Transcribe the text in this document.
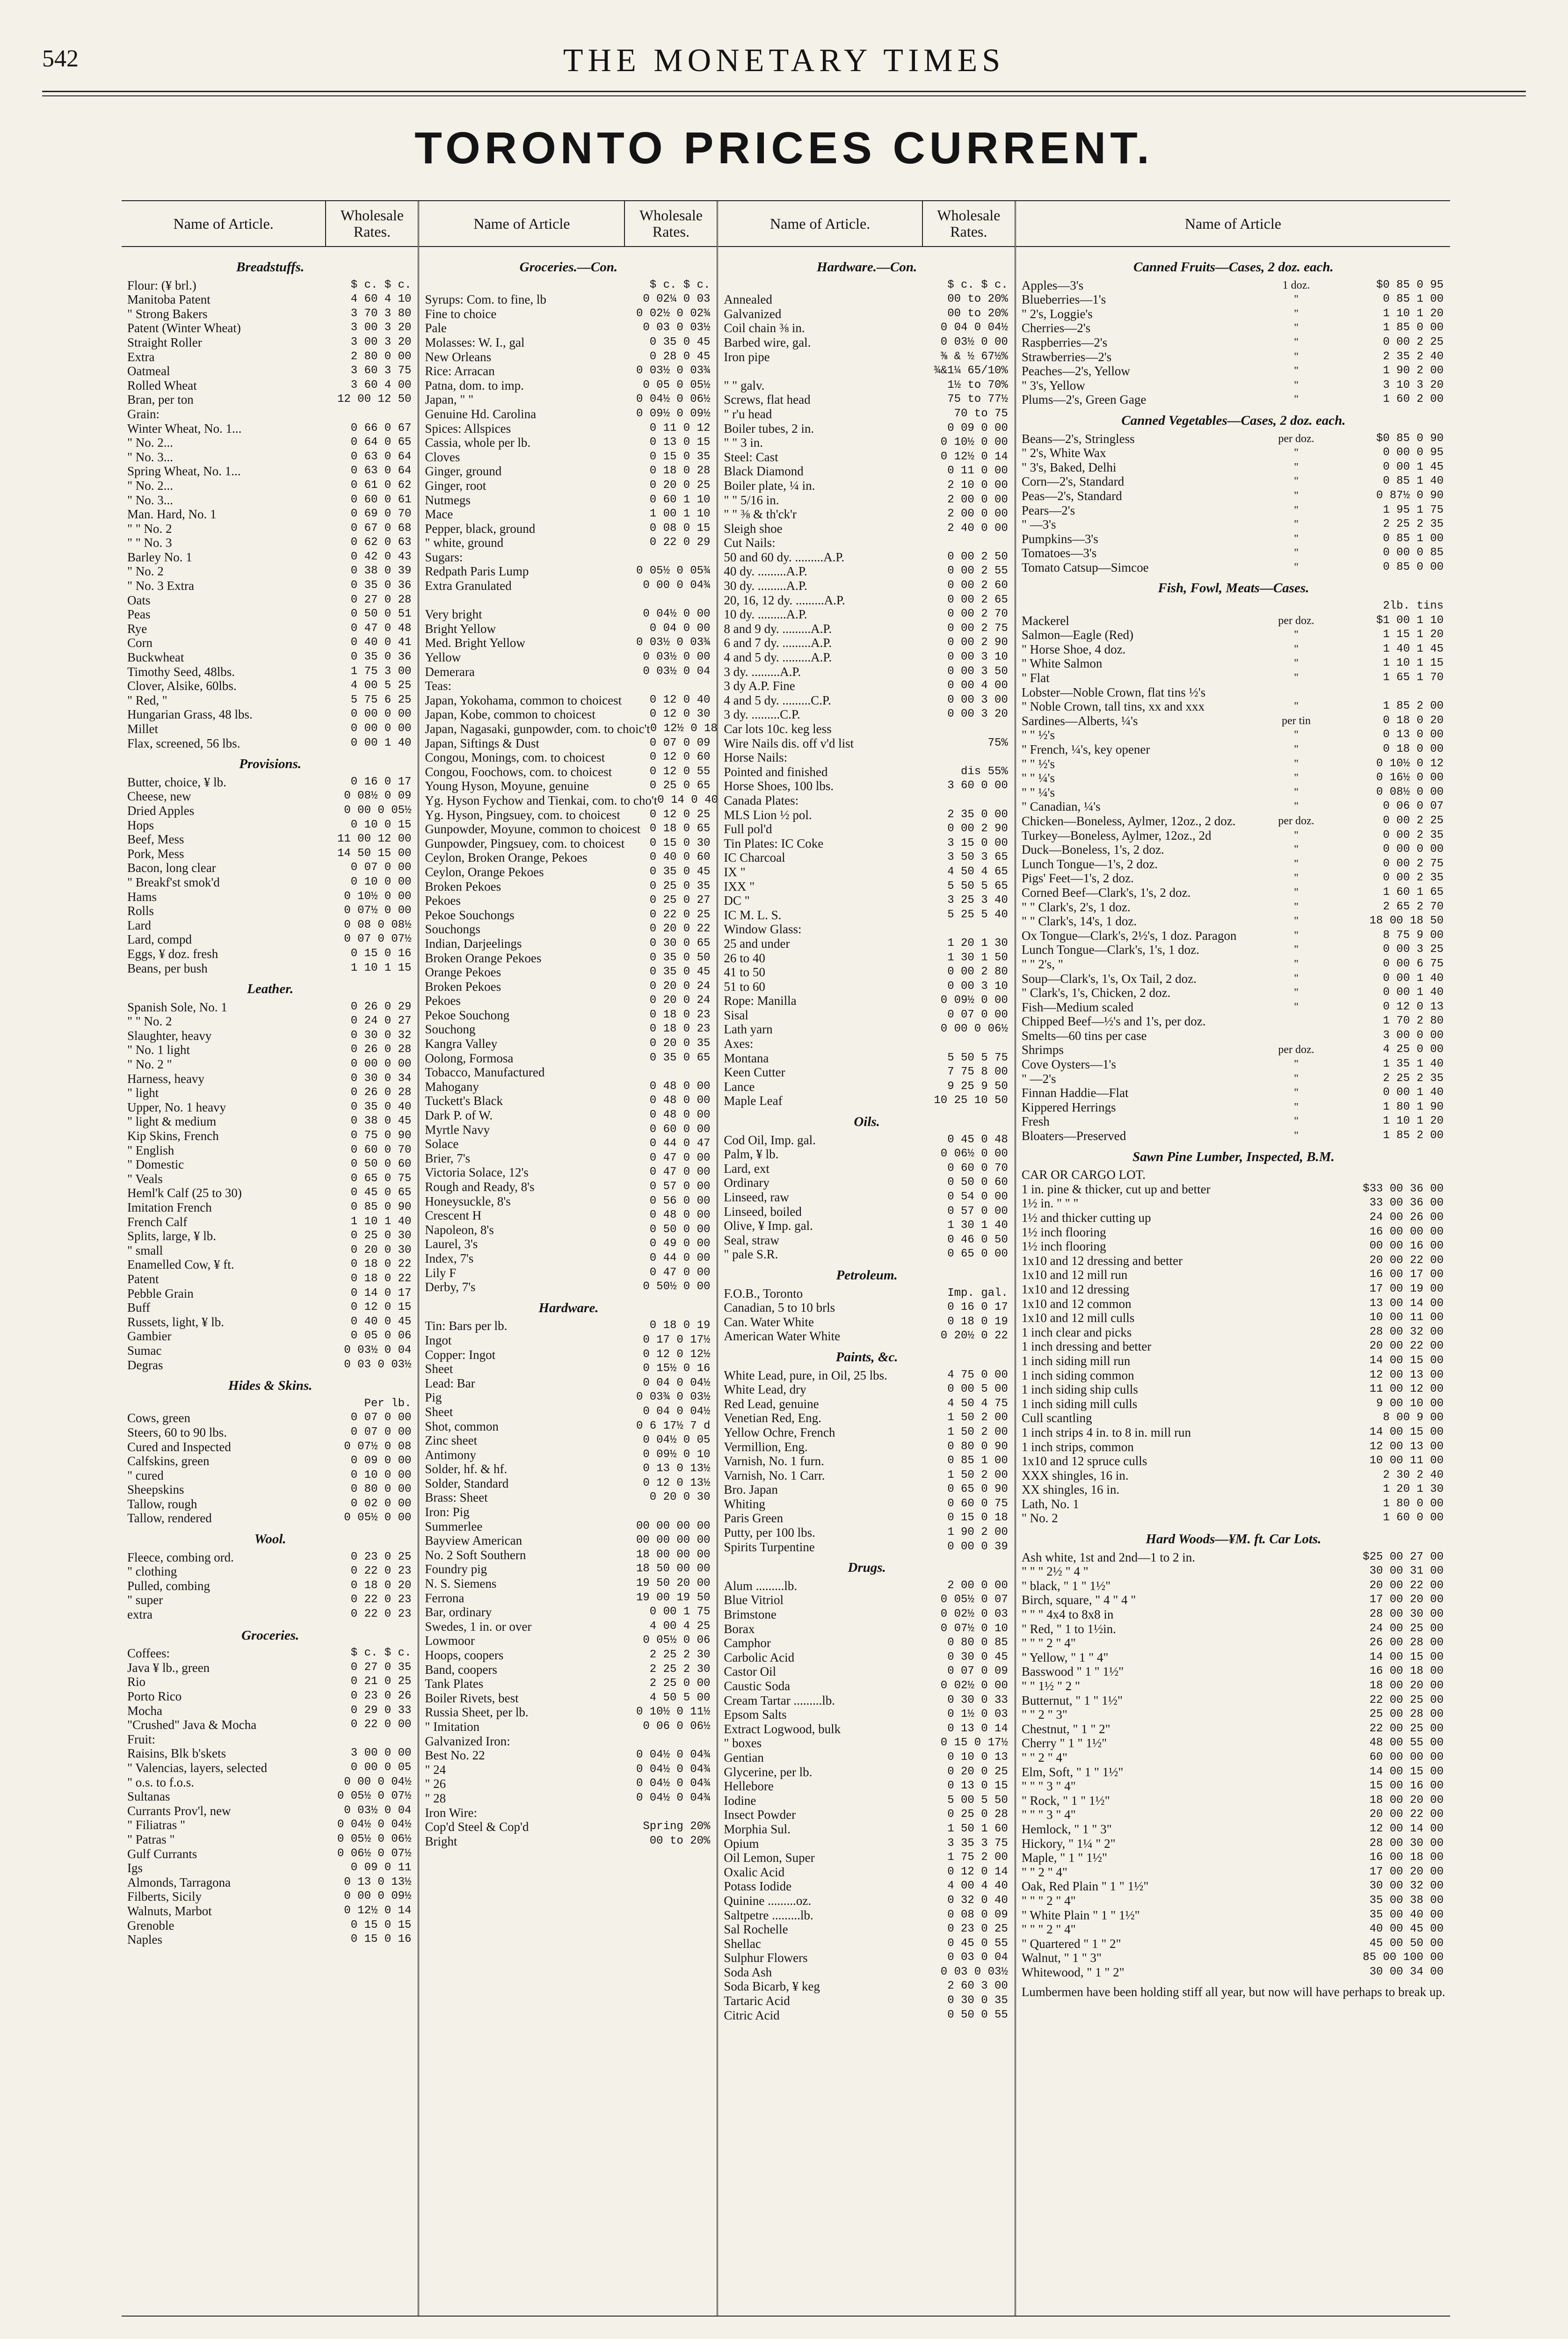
542	THE MONETARY TIMES
TORONTO PRICES CURRENT.
Name of Article.	Wholesale Rates.
Breadstuffs.
Flour: (¥ brl.)	$ c. $ c.
Manitoba Patent	4 60 4 10
" Strong Bakers	3 70 3 80
Patent (Winter Wheat)	3 00 3 20
Straight Roller	3 00 3 20
Extra	2 80 0 00
Oatmeal	3 60 3 75
Rolled Wheat	3 60 4 00
Bran, per ton	12 00 12 50
Grain:
Winter Wheat, No. 1...	0 66 0 67
" No. 2...	0 64 0 65
" No. 3...	0 63 0 64
Spring Wheat, No. 1...	0 63 0 64
" No. 2...	0 61 0 62
" No. 3...	0 60 0 61
Man. Hard, No. 1	0 69 0 70
" " No. 2	0 67 0 68
" " No. 3	0 62 0 63
Barley No. 1	0 42 0 43
" No. 2	0 38 0 39
" No. 3 Extra	0 35 0 36
Oats	0 27 0 28
Peas	0 50 0 51
Rye	0 47 0 48
Corn	0 40 0 41
Buckwheat	0 35 0 36
Timothy Seed, 48lbs.	1 75 3 00
Clover, Alsike, 60lbs.	4 00 5 25
" Red, "	5 75 6 25
Hungarian Grass, 48 lbs.	0 00 0 00
Millet	0 00 0 00
Flax, screened, 56 lbs.	0 00 1 40
Provisions.
Butter, choice, ¥ lb.	0 16 0 17
Cheese, new	0 08½ 0 09
Dried Apples	0 00 0 05½
Hops	0 10 0 15
Beef, Mess	11 00 12 00
Pork, Mess	14 50 15 00
Bacon, long clear	0 07 0 00
" Breakf'st smok'd	0 10 0 00
Hams	0 10½ 0 00
Rolls	0 07½ 0 00
Lard	0 08 0 08½
Lard, compd	0 07 0 07½
Eggs, ¥ doz. fresh	0 15 0 16
Beans, per bush	1 10 1 15
Leather.
Spanish Sole, No. 1	0 26 0 29
" " No. 2	0 24 0 27
Slaughter, heavy	0 30 0 32
" No. 1 light	0 26 0 28
" No. 2 "	0 00 0 00
Harness, heavy	0 30 0 34
" light	0 26 0 28
Upper, No. 1 heavy	0 35 0 40
" light & medium	0 38 0 45
Kip Skins, French	0 75 0 90
" English	0 60 0 70
" Domestic	0 50 0 60
" Veals	0 65 0 75
Heml'k Calf (25 to 30)	0 45 0 65
Imitation French	0 85 0 90
French Calf	1 10 1 40
Splits, large, ¥ lb.	0 25 0 30
" small	0 20 0 30
Enamelled Cow, ¥ ft.	0 18 0 22
Patent	0 18 0 22
Pebble Grain	0 14 0 17
Buff	0 12 0 15
Russets, light, ¥ lb.	0 40 0 45
Gambier	0 05 0 06
Sumac	0 03½ 0 04
Degras	0 03 0 03½
Hides & Skins.
Per lb.
Cows, green	0 07 0 00
Steers, 60 to 90 lbs.	0 07 0 00
Cured and Inspected	0 07½ 0 08
Calfskins, green	0 09 0 00
" cured	0 10 0 00
Sheepskins	0 80 0 00
Tallow, rough	0 02 0 00
Tallow, rendered	0 05½ 0 00
Wool.
Fleece, combing ord.	0 23 0 25
" clothing	0 22 0 23
Pulled, combing	0 18 0 20
" super	0 22 0 23
extra	0 22 0 23
Groceries.
Coffees:	$ c. $ c.
Java ¥ lb., green	0 27 0 35
Rio	0 21 0 25
Porto Rico	0 23 0 26
Mocha	0 29 0 33
"Crushed" Java & Mocha	0 22 0 00
Fruit:
Raisins, Blk b'skets	3 00 0 00
" Valencias, layers, selected	0 00 0 05
" o.s. to f.o.s.	0 00 0 04½
Sultanas	0 05½ 0 07½
Currants Prov'l, new	0 03½ 0 04
" Filiatras "	0 04½ 0 04½
" Patras "	0 05½ 0 06½
Gulf Currants	0 06½ 0 07½
Igs	0 09 0 11
Almonds, Tarragona	0 13 0 13½
Filberts, Sicily	0 00 0 09½
Walnuts, Marbot	0 12½ 0 14
Grenoble	0 15 0 15
Naples	0 15 0 16
Name of Article	Wholesale Rates.
Groceries.—Con.
$ c. $ c.
Syrups: Com. to fine, lb	0 02¼ 0 03
Fine to choice	0 02½ 0 02¾
Pale	0 03 0 03½
Molasses: W. I., gal	0 35 0 45
New Orleans	0 28 0 45
Rice: Arracan	0 03½ 0 03¾
Patna, dom. to imp.	0 05 0 05½
Japan, " "	0 04½ 0 06½
Genuine Hd. Carolina	0 09½ 0 09½
Spices: Allspices	0 11 0 12
Cassia, whole per lb.	0 13 0 15
Cloves	0 15 0 35
Ginger, ground	0 18 0 28
Ginger, root	0 20 0 25
Nutmegs	0 60 1 10
Mace	1 00 1 10
Pepper, black, ground	0 08 0 15
" white, ground	0 22 0 29
Sugars:
Redpath Paris Lump	0 05½ 0 05¾
Extra Granulated	0 00 0 04¾
Very bright	0 04½ 0 00
Bright Yellow	0 04 0 00
Med. Bright Yellow	0 03½ 0 03¾
Yellow	0 03½ 0 00
Demerara	0 03½ 0 04
Teas:
Japan, Yokohama, common to choicest	0 12 0 40
Japan, Kobe, common to choicest	0 12 0 30
Japan, Nagasaki, gunpowder, com. to choic't 0 12½ 0 18
Japan, Siftings & Dust	0 07 0 09
Congou, Monings, com. to choicest	0 12 0 60
Congou, Foochows, com. to choicest	0 12 0 55
Young Hyson, Moyune, genuine	0 25 0 65
Yg. Hyson Fychow and Tienkai, com. to cho't 0 14 0 40
Yg. Hyson, Pingsuey, com. to choicest	0 12 0 25
Gunpowder, Moyune, common to choicest 0 18 0 65
Gunpowder, Pingsuey, com. to choicest	0 15 0 30
Ceylon, Broken Orange, Pekoes	0 40 0 60
Ceylon, Orange Pekoes	0 35 0 45
Broken Pekoes	0 25 0 35
Pekoes	0 25 0 27
Pekoe Souchongs	0 22 0 25
Souchongs	0 20 0 22
Indian, Darjeelings	0 30 0 65
Broken Orange Pekoes	0 35 0 50
Orange Pekoes	0 35 0 45
Broken Pekoes	0 20 0 24
Pekoes	0 20 0 24
Pekoe Souchong	0 18 0 23
Souchong	0 18 0 23
Kangra Valley	0 20 0 35
Oolong, Formosa	0 35 0 65
Tobacco, Manufactured
Mahogany	0 48 0 00
Tuckett's Black	0 48 0 00
Dark P. of W.	0 48 0 00
Myrtle Navy	0 60 0 00
Solace	0 44 0 47
Brier, 7's	0 47 0 00
Victoria Solace, 12's	0 47 0 00
Rough and Ready, 8's	0 57 0 00
Honeysuckle, 8's	0 56 0 00
Crescent H	0 48 0 00
Napoleon, 8's	0 50 0 00
Laurel, 3's	0 49 0 00
Index, 7's	0 44 0 00
Lily F	0 47 0 00
Derby, 7's	0 50½ 0 00
Hardware.
Tin: Bars per lb.	0 18 0 19
Ingot	0 17 0 17½
Copper: Ingot	0 12 0 12½
Sheet	0 15½ 0 16
Lead: Bar	0 04 0 04½
Pig	0 03¾ 0 03½
Sheet	0 04 0 04½
Shot, common	0 6 17½ 7 d
Zinc sheet	0 04½ 0 05
Antimony	0 09½ 0 10
Solder, hf. & hf.	0 13 0 13½
Solder, Standard	0 12 0 13½
Brass: Sheet	0 20 0 30
Iron: Pig
Summerlee	00 00 00 00
Bayview American	00 00 00 00
No. 2 Soft Southern	18 00 00 00
Foundry pig	18 50 00 00
N. S. Siemens	19 50 20 00
Ferrona	19 00 19 50
Bar, ordinary	0 00 1 75
Swedes, 1 in. or over	4 00 4 25
Lowmoor	0 05½ 0 06
Hoops, coopers	2 25 2 30
Band, coopers	2 25 2 30
Tank Plates	2 25 0 00
Boiler Rivets, best	4 50 5 00
Russia Sheet, per lb.	0 10½ 0 11½
" Imitation	0 06 0 06½
Galvanized Iron:
Best No. 22	0 04½ 0 04¾
" 24	0 04½ 0 04¾
" 26	0 04½ 0 04¾
" 28	0 04½ 0 04¾
Iron Wire:
Cop'd Steel & Cop'd	Spring 20%
Bright	00 to 20%
Name of Article.	Wholesale Rates.
Hardware.—Con.
$ c. $ c.
Annealed	00 to 20%
Galvanized	00 to 20%
Coil chain ⅜ in.	0 04 0 04½
Barbed wire, gal.	0 03½ 0 00
Iron pipe	⅜ & ½ 67½%
¾&1¼ 65/10%
" " galv.	1½ to 70%
Screws, flat head	75 to 77½
" r'u head	70 to 75
Boiler tubes, 2 in.	0 09 0 00
" " 3 in.	0 10½ 0 00
Steel: Cast	0 12½ 0 14
Black Diamond	0 11 0 00
Boiler plate, ¼ in.	2 10 0 00
" " 5/16 in.	2 00 0 00
" " ⅜ & th'ck'r	2 00 0 00
Sleigh shoe	2 40 0 00
Cut Nails:
50 and 60 dy. .........A.P.	0 00 2 50
40 dy. .........A.P.	0 00 2 55
30 dy. .........A.P.	0 00 2 60
20, 16, 12 dy. .........A.P.	0 00 2 65
10 dy. .........A.P.	0 00 2 70
8 and 9 dy. .........A.P.	0 00 2 75
6 and 7 dy. .........A.P.	0 00 2 90
4 and 5 dy. .........A.P.	0 00 3 10
3 dy. .........A.P.	0 00 3 50
3 dy A.P. Fine	0 00 4 00
4 and 5 dy. .........C.P.	0 00 3 00
3 dy. .........C.P.	0 00 3 20
Car lots 10c. keg less
Wire Nails dis. off v'd list	75%
Horse Nails:
Pointed and finished	dis 55%
Horse Shoes, 100 lbs.	3 60 0 00
Canada Plates:
MLS Lion ½ pol.	2 35 0 00
Full pol'd	0 00 2 90
Tin Plates: IC Coke	3 15 0 00
IC Charcoal	3 50 3 65
IX "	4 50 4 65
IXX "	5 50 5 65
DC "	3 25 3 40
IC M. L. S.	5 25 5 40
Window Glass:
25 and under	1 20 1 30
26 to 40	1 30 1 50
41 to 50	0 00 2 80
51 to 60	0 00 3 10
Rope: Manilla	0 09½ 0 00
Sisal	0 07 0 00
Lath yarn	0 00 0 06½
Axes:
Montana	5 50 5 75
Keen Cutter	7 75 8 00
Lance	9 25 9 50
Maple Leaf	10 25 10 50
Oils.
Cod Oil, Imp. gal.	0 45 0 48
Palm, ¥ lb.	0 06½ 0 00
Lard, ext	0 60 0 70
Ordinary	0 50 0 60
Linseed, raw	0 54 0 00
Linseed, boiled	0 57 0 00
Olive, ¥ Imp. gal.	1 30 1 40
Seal, straw	0 46 0 50
" pale S.R.	0 65 0 00
Petroleum.
F.O.B., Toronto	Imp. gal.
Canadian, 5 to 10 brls	0 16 0 17
Can. Water White	0 18 0 19
American Water White	0 20½ 0 22
Paints, &c.
White Lead, pure, in Oil, 25 lbs.	4 75 0 00
White Lead, dry	0 00 5 00
Red Lead, genuine	4 50 4 75
Venetian Red, Eng.	1 50 2 00
Yellow Ochre, French	1 50 2 00
Vermillion, Eng.	0 80 0 90
Varnish, No. 1 furn.	0 85 1 00
Varnish, No. 1 Carr.	1 50 2 00
Bro. Japan	0 65 0 90
Whiting	0 60 0 75
Paris Green	0 15 0 18
Putty, per 100 lbs.	1 90 2 00
Spirits Turpentine	0 00 0 39
Drugs.
Alum .........lb.	2 00 0 00
Blue Vitriol	0 05½ 0 07
Brimstone	0 02½ 0 03
Borax	0 07½ 0 10
Camphor	0 80 0 85
Carbolic Acid	0 30 0 45
Castor Oil	0 07 0 09
Caustic Soda	0 02½ 0 00
Cream Tartar .........lb.	0 30 0 33
Epsom Salts	0 1½ 0 03
Extract Logwood, bulk	0 13 0 14
" boxes	0 15 0 17½
Gentian	0 10 0 13
Glycerine, per lb.	0 20 0 25
Hellebore	0 13 0 15
Iodine	5 00 5 50
Insect Powder	0 25 0 28
Morphia Sul.	1 50 1 60
Opium	3 35 3 75
Oil Lemon, Super	1 75 2 00
Oxalic Acid	0 12 0 14
Potass Iodide	4 00 4 40
Quinine .........oz.	0 32 0 40
Saltpetre .........lb.	0 08 0 09
Sal Rochelle	0 23 0 25
Shellac	0 45 0 55
Sulphur Flowers	0 03 0 04
Soda Ash	0 03 0 03½
Soda Bicarb, ¥ keg	2 60 3 00
Tartaric Acid	0 30 0 35
Citric Acid	0 50 0 55
Name of Article
Canned Fruits—Cases, 2 doz. each.
Apples—3's	1 doz.	$0 85 0 95
Blueberries—1's	"	0 85 1 00
" 2's, Loggie's	"	1 10 1 20
Cherries—2's	"	1 85 0 00
Raspberries—2's	"	0 00 2 25
Strawberries—2's	"	2 35 2 40
Peaches—2's, Yellow	"	1 90 2 00
" 3's, Yellow	"	3 10 3 20
Plums—2's, Green Gage	"	1 60 2 00
Canned Vegetables—Cases, 2 doz. each.
Beans—2's, Stringless	per doz.	$0 85 0 90
" 2's, White Wax	"	0 00 0 95
" 3's, Baked, Delhi	"	0 00 1 45
Corn—2's, Standard	"	0 85 1 40
Peas—2's, Standard	"	0 87½ 0 90
Pears—2's	"	1 95 1 75
" —3's	"	2 25 2 35
Pumpkins—3's	"	0 85 1 00
Tomatoes—3's	"	0 00 0 85
Tomato Catsup—Simcoe	"	0 85 0 00
Fish, Fowl, Meats—Cases.
2lb. tins
Mackerel	per doz.	$1 00 1 10
Salmon—Eagle (Red)	"	1 15 1 20
" Horse Shoe, 4 doz.	"	1 40 1 45
" White Salmon	"	1 10 1 15
" Flat	"	1 65 1 70
Lobster—Noble Crown, flat tins ½'s
" Noble Crown, tall tins, xx and xxx	"	1 85 2 00
Sardines—Alberts, ¼'s	per tin	0 18 0 20
" " ½'s	"	0 13 0 00
" French, ¼'s, key opener	"	0 18 0 00
" " ½'s	"	0 10½ 0 12
" " ¼'s	"	0 16½ 0 00
" " ¼'s	"	0 08½ 0 00
" Canadian, ¼'s	"	0 06 0 07
Chicken—Boneless, Aylmer, 12oz., 2 doz.	per doz.	0 00 2 25
Turkey—Boneless, Aylmer, 12oz., 2d	"	0 00 2 35
Duck—Boneless, 1's, 2 doz.	"	0 00 0 00
Lunch Tongue—1's, 2 doz.	"	0 00 2 75
Pigs' Feet—1's, 2 doz.	"	0 00 2 35
Corned Beef—Clark's, 1's, 2 doz.	"	1 60 1 65
" " Clark's, 2's, 1 doz.	"	2 65 2 70
" " Clark's, 14's, 1 doz.	"	18 00 18 50
Ox Tongue—Clark's, 2½'s, 1 doz. Paragon	"	8 75 9 00
Lunch Tongue—Clark's, 1's, 1 doz.	"	0 00 3 25
" " 2's, "	"	0 00 6 75
Soup—Clark's, 1's, Ox Tail, 2 doz.	"	0 00 1 40
" Clark's, 1's, Chicken, 2 doz.	"	0 00 1 40
Fish—Medium scaled	"	0 12 0 13
Chipped Beef—½'s and 1's, per doz.	1 70 2 80
Smelts—60 tins per case	3 00 0 00
Shrimps	per doz.	4 25 0 00
Cove Oysters—1's	"	1 35 1 40
" —2's	"	2 25 2 35
Finnan Haddie—Flat	"	0 00 1 40
Kippered Herrings	"	1 80 1 90
Fresh	"	1 10 1 20
Bloaters—Preserved	"	1 85 2 00
Sawn Pine Lumber, Inspected, B.M.
CAR OR CARGO LOT.
1 in. pine & thicker, cut up and better	$33 00 36 00
1½ in. " " "	33 00 36 00
1½ and thicker cutting up	24 00 26 00
1½ inch flooring	16 00 00 00
1½ inch flooring	00 00 16 00
1x10 and 12 dressing and better	20 00 22 00
1x10 and 12 mill run	16 00 17 00
1x10 and 12 dressing	17 00 19 00
1x10 and 12 common	13 00 14 00
1x10 and 12 mill culls	10 00 11 00
1 inch clear and picks	28 00 32 00
1 inch dressing and better	20 00 22 00
1 inch siding mill run	14 00 15 00
1 inch siding common	12 00 13 00
1 inch siding ship culls	11 00 12 00
1 inch siding mill culls	9 00 10 00
Cull scantling	8 00 9 00
1 inch strips 4 in. to 8 in. mill run	14 00 15 00
1 inch strips, common	12 00 13 00
1x10 and 12 spruce culls	10 00 11 00
XXX shingles, 16 in.	2 30 2 40
XX shingles, 16 in.	1 20 1 30
Lath, No. 1	1 80 0 00
" No. 2	1 60 0 00
Hard Woods—¥M. ft. Car Lots.
Ash white, 1st and 2nd—1 to 2 in.	$25 00 27 00
" " " 2½ " 4 "	30 00 31 00
" black, " 1 " 1½"	20 00 22 00
Birch, square, " 4 " 4 "	17 00 20 00
" " " 4x4 to 8x8 in	28 00 30 00
" Red, " 1 to 1½in.	24 00 25 00
" " " 2 " 4"	26 00 28 00
" Yellow, " 1 " 4"	14 00 15 00
Basswood " 1 " 1½"	16 00 18 00
" " 1½ " 2 "	18 00 20 00
Butternut, " 1 " 1½"	22 00 25 00
" " 2 " 3"	25 00 28 00
Chestnut, " 1 " 2"	22 00 25 00
Cherry " 1 " 1½"	48 00 55 00
" " 2 " 4"	60 00 00 00
Elm, Soft, " 1 " 1½"	14 00 15 00
" " " 3 " 4"	15 00 16 00
" Rock, " 1 " 1½"	18 00 20 00
" " " 3 " 4"	20 00 22 00
Hemlock, " 1 " 3"	12 00 14 00
Hickory, " 1¼ " 2"	28 00 30 00
Maple, " 1 " 1½"	16 00 18 00
" " 2 " 4"	17 00 20 00
Oak, Red Plain " 1 " 1½"	30 00 32 00
" " " 2 " 4"	35 00 38 00
" White Plain " 1 " 1½"	35 00 40 00
" " " 2 " 4"	40 00 45 00
" Quartered " 1 " 2"	45 00 50 00
Walnut, " 1 " 3"	85 00 100 00
Whitewood, " 1 " 2"	30 00 34 00
Lumbermen have been holding stiff all year, but now will have perhaps to break up.
